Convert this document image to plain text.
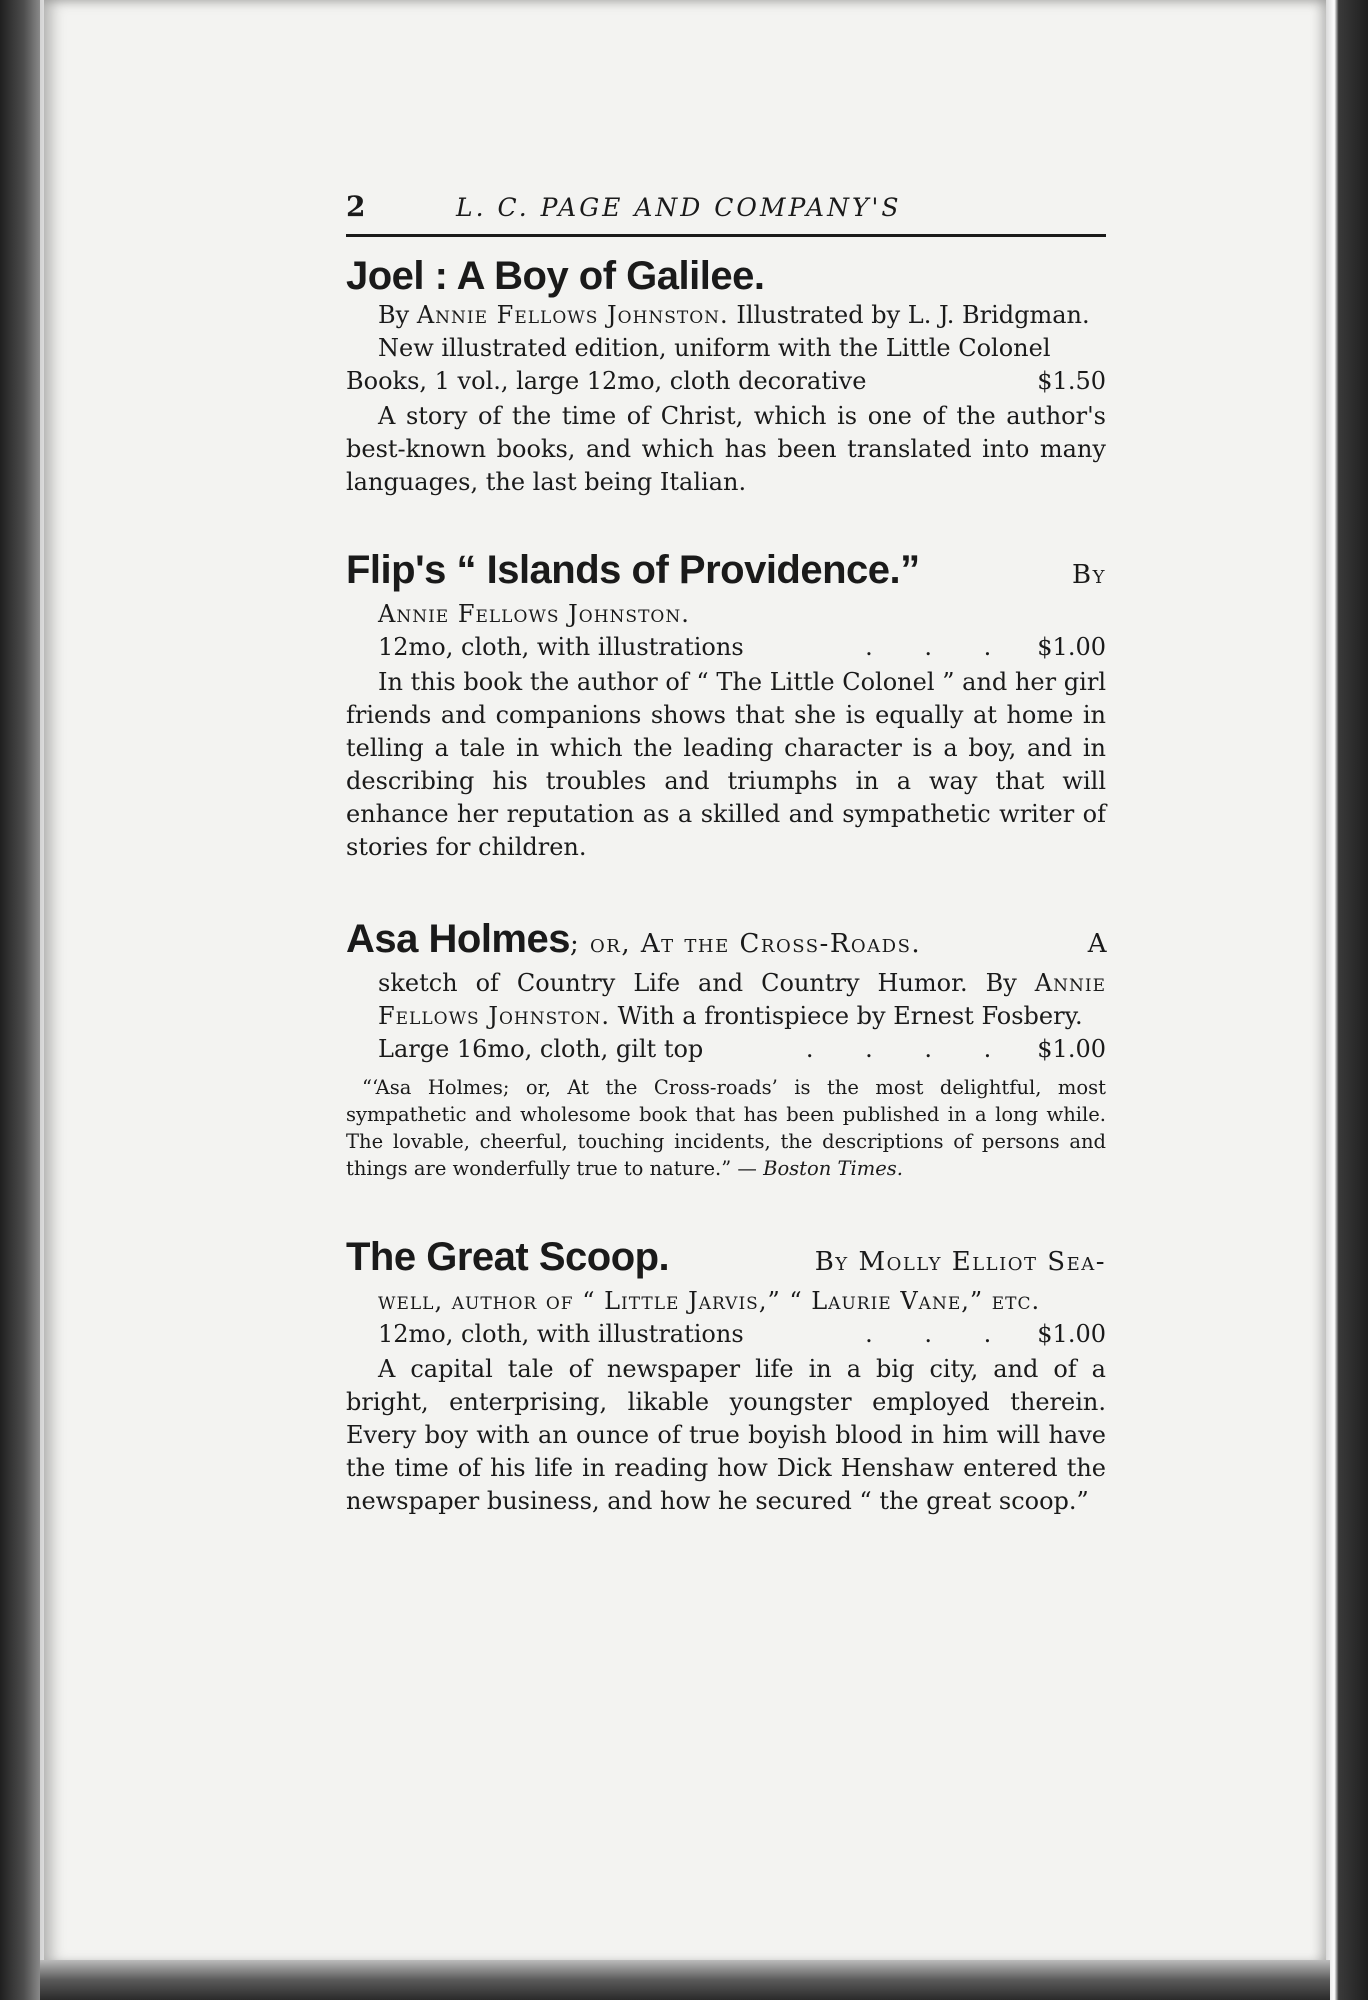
2	L. C. PAGE AND COMPANY'S
Joel : A Boy of Galilee.
By Annie Fellows Johnston. Illustrated by L. J. Bridgman.
New illustrated edition, uniform with the Little Colonel
Books, 1 vol., large 12mo, cloth decorative	$1.50
A story of the time of Christ, which is one of the author's best-known books, and which has been translated into many languages, the last being Italian.
Flip's “ Islands of Providence.”	By
Annie Fellows Johnston.
12mo, cloth, with illustrations	. . .	$1.00
In this book the author of “ The Little Colonel ” and her girl friends and companions shows that she is equally at home in telling a tale in which the leading character is a boy, and in describing his troubles and triumphs in a way that will enhance her reputation as a skilled and sympathetic writer of stories for children.
Asa Holmes; or, At the Cross-Roads.	A
sketch of Country Life and Country Humor. By Annie Fellows Johnston. With a frontispiece by Ernest Fosbery.
Large 16mo, cloth, gilt top	. . . .	$1.00
“‘Asa Holmes; or, At the Cross-roads’ is the most delightful, most sympathetic and wholesome book that has been published in a long while. The lovable, cheerful, touching incidents, the descriptions of persons and things are wonderfully true to nature.” — Boston Times.
The Great Scoop.	By Molly Elliot Sea-
well, author of “ Little Jarvis,” “ Laurie Vane,” etc.
12mo, cloth, with illustrations	. . .	$1.00
A capital tale of newspaper life in a big city, and of a bright, enterprising, likable youngster employed therein. Every boy with an ounce of true boyish blood in him will have the time of his life in reading how Dick Henshaw entered the newspaper business, and how he secured “ the great scoop.”
